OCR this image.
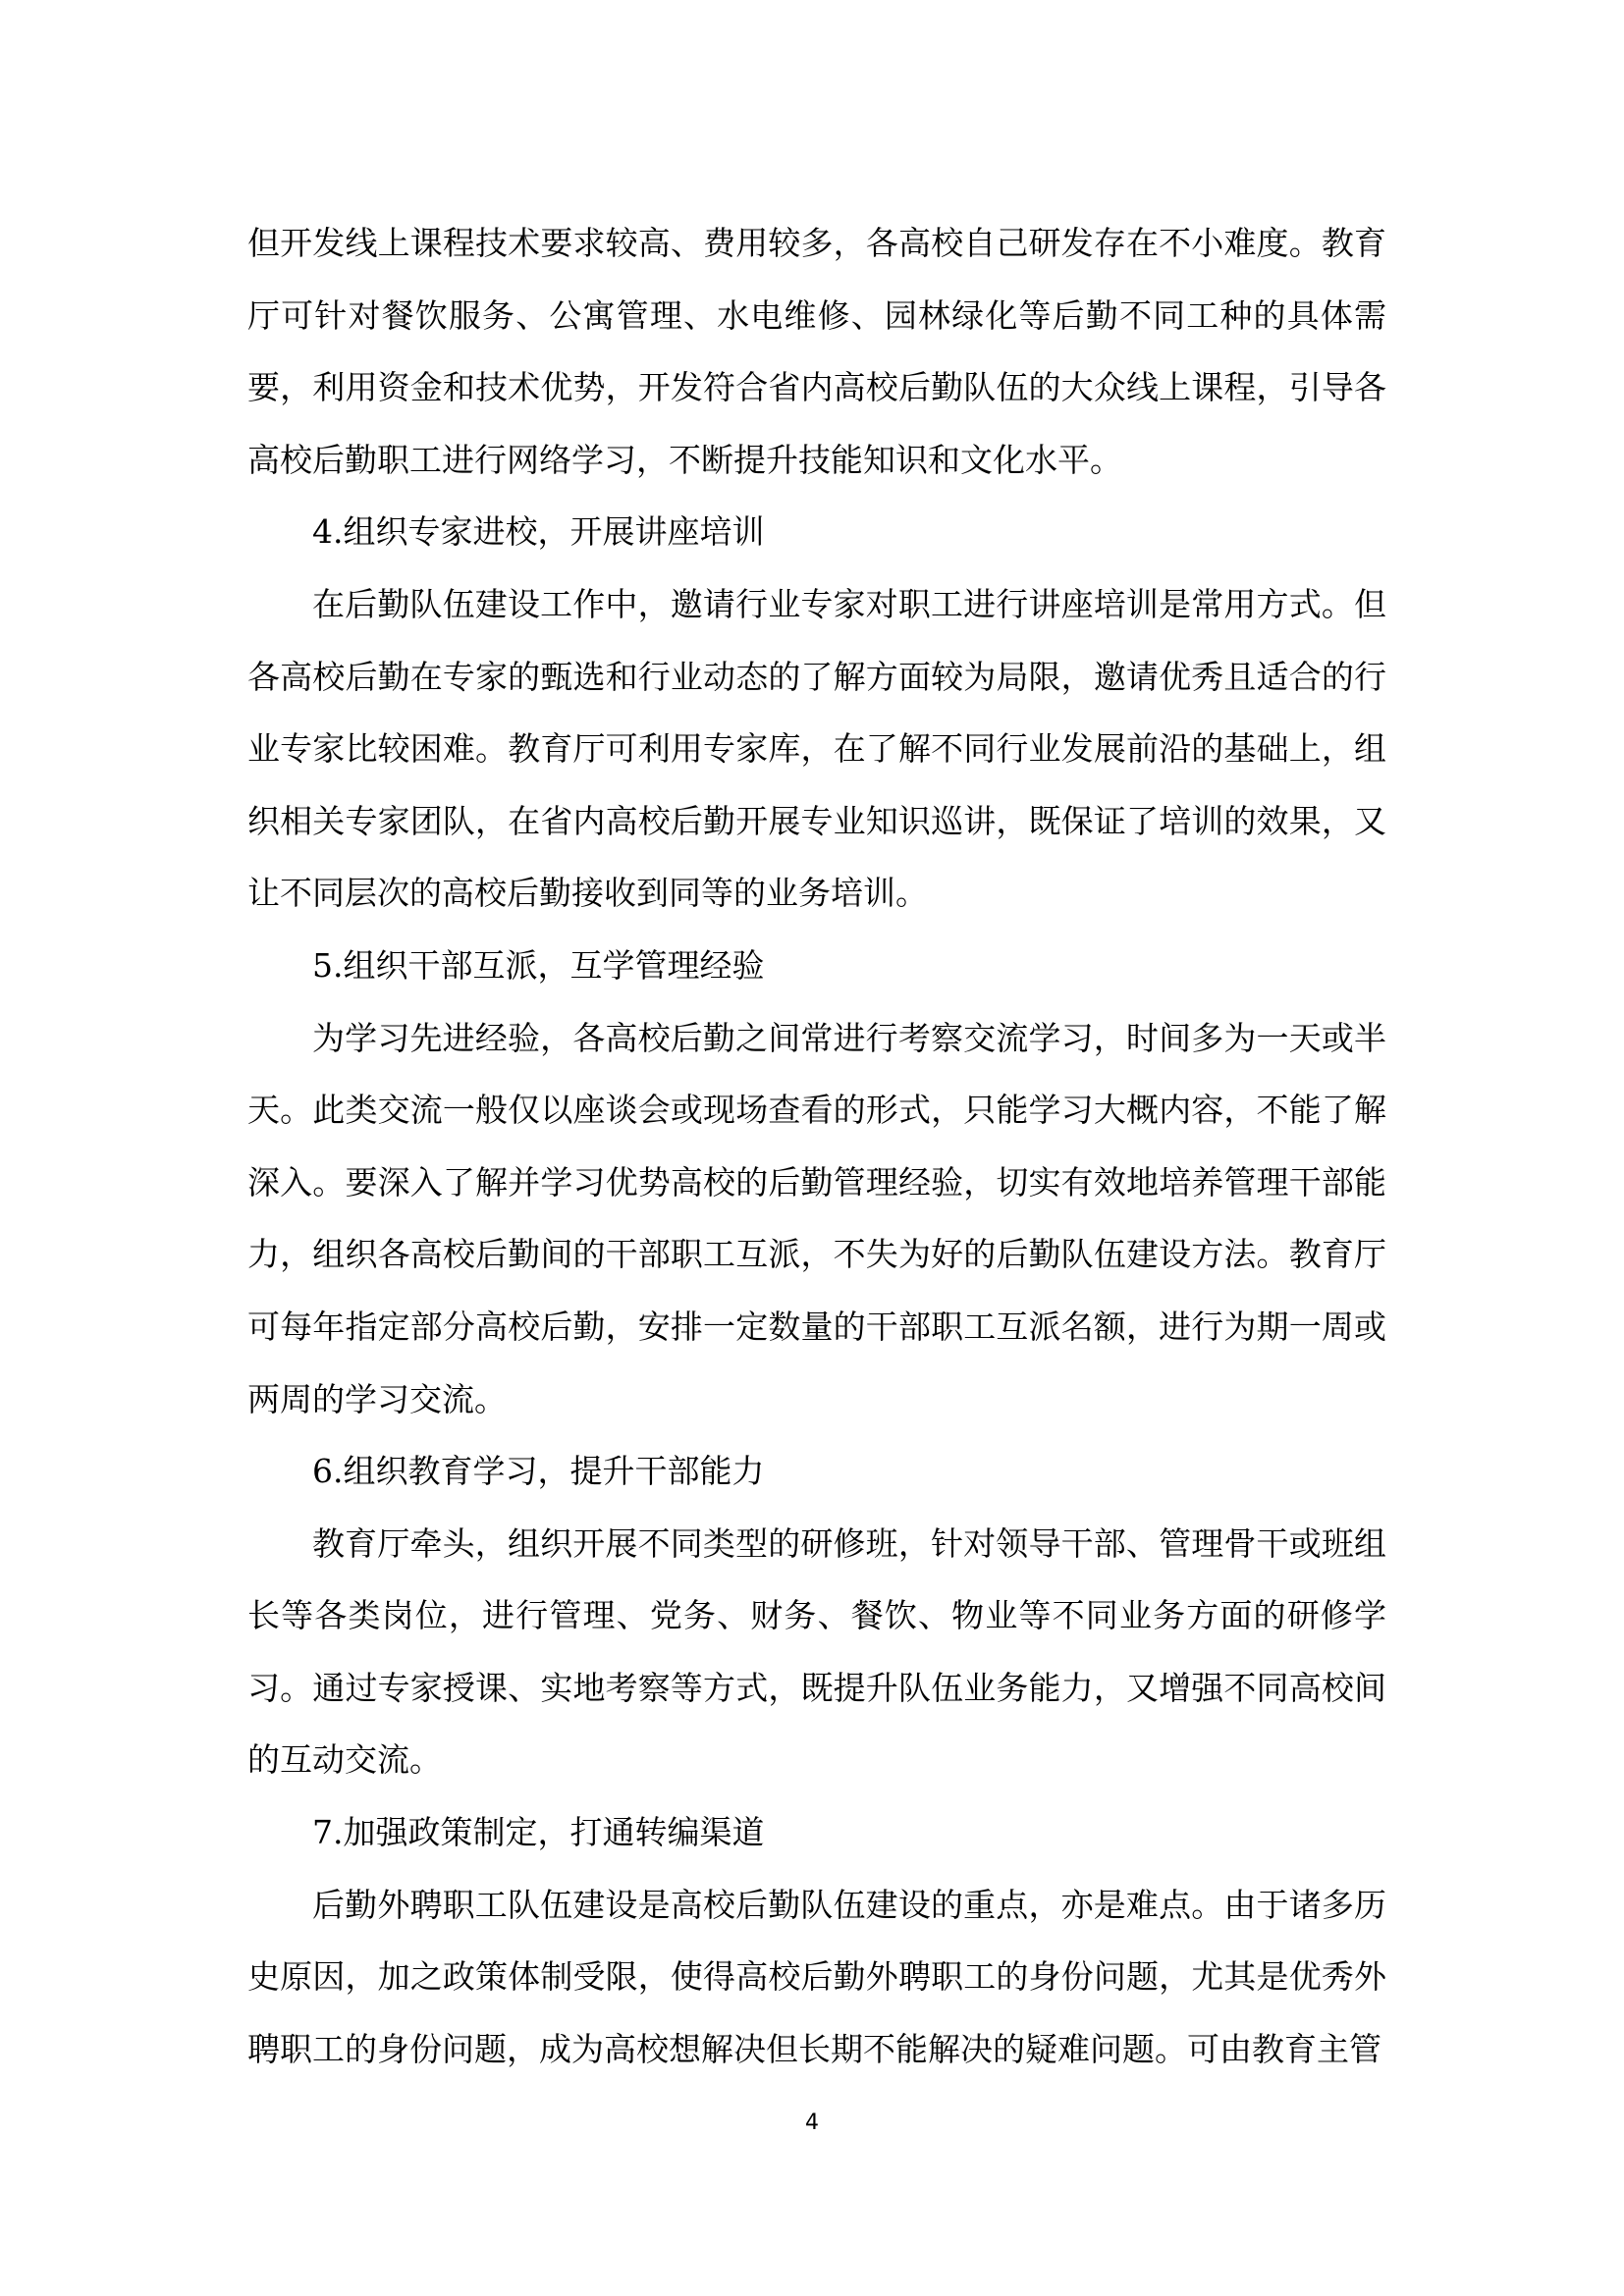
但开发线上课程技术要求较高、费用较多，各高校自己研发存在不小难度。教育厅可针对餐饮服务、公寓管理、水电维修、园林绿化等后勤不同工种的具体需要，利用资金和技术优势，开发符合省内高校后勤队伍的大众线上课程，引导各高校后勤职工进行网络学习，不断提升技能知识和文化水平。

4.组织专家进校，开展讲座培训

在后勤队伍建设工作中，邀请行业专家对职工进行讲座培训是常用方式。但各高校后勤在专家的甄选和行业动态的了解方面较为局限，邀请优秀且适合的行业专家比较困难。教育厅可利用专家库，在了解不同行业发展前沿的基础上，组织相关专家团队，在省内高校后勤开展专业知识巡讲，既保证了培训的效果，又让不同层次的高校后勤接收到同等的业务培训。

5.组织干部互派，互学管理经验

为学习先进经验，各高校后勤之间常进行考察交流学习，时间多为一天或半天。此类交流一般仅以座谈会或现场查看的形式，只能学习大概内容，不能了解深入。要深入了解并学习优势高校的后勤管理经验，切实有效地培养管理干部能力，组织各高校后勤间的干部职工互派，不失为好的后勤队伍建设方法。教育厅可每年指定部分高校后勤，安排一定数量的干部职工互派名额，进行为期一周或两周的学习交流。

6.组织教育学习，提升干部能力

教育厅牵头，组织开展不同类型的研修班，针对领导干部、管理骨干或班组长等各类岗位，进行管理、党务、财务、餐饮、物业等不同业务方面的研修学习。通过专家授课、实地考察等方式，既提升队伍业务能力，又增强不同高校间的互动交流。

7.加强政策制定，打通转编渠道

后勤外聘职工队伍建设是高校后勤队伍建设的重点，亦是难点。由于诸多历史原因，加之政策体制受限，使得高校后勤外聘职工的身份问题，尤其是优秀外聘职工的身份问题，成为高校想解决但长期不能解决的疑难问题。可由教育主管

4
